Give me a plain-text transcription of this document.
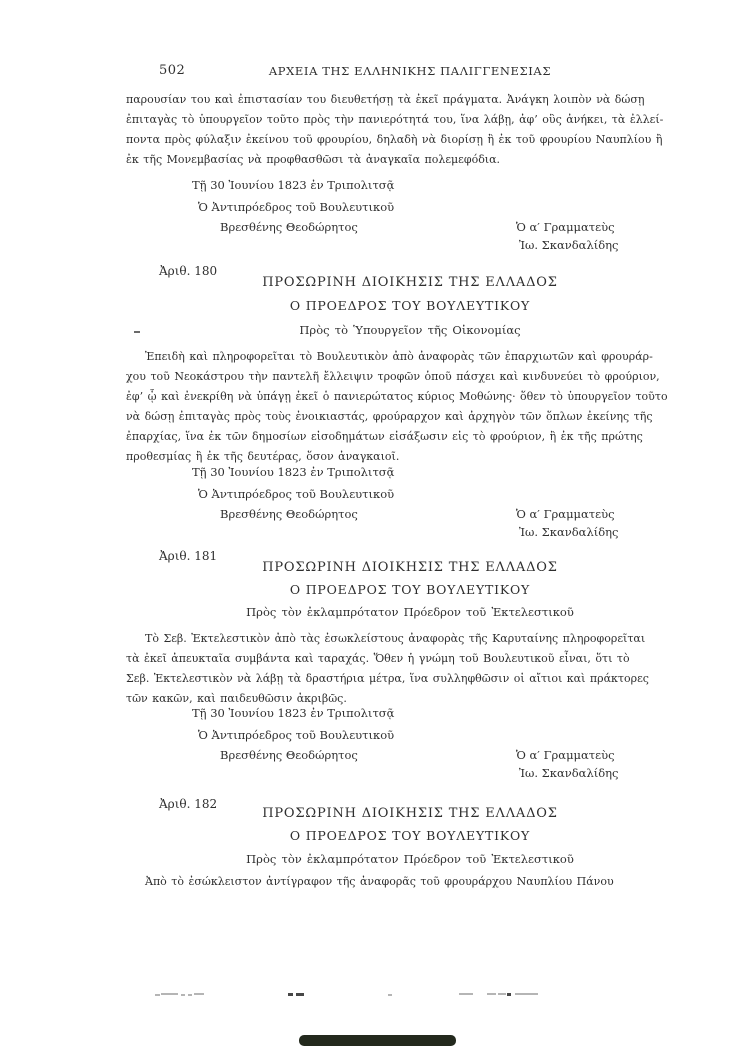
502	ΑΡΧΕΙΑ ΤΗΣ ΕΛΛΗΝΙΚΗΣ ΠΑΛΙΓΓΕΝΕΣΙΑΣ
παρουσίαν του καὶ ἐπιστασίαν του διευθετήσῃ τὰ ἐκεῖ πράγματα. Ἀνάγκη λοιπὸν νὰ δώσῃ
ἐπιταγὰς τὸ ὑπουργεῖον τοῦτο πρὸς τὴν πανιερότητά του, ἵνα λάβῃ, ἀφ’ οὓς ἀνήκει, τὰ ἐλλεί-
ποντα πρὸς φύλαξιν ἐκείνου τοῦ φρουρίου, δηλαδὴ νὰ διορίσῃ ἢ ἐκ τοῦ φρουρίου Ναυπλίου ἢ
ἐκ τῆς Μονεμβασίας νὰ προφθασθῶσι τὰ ἀναγκαῖα πολεμεφόδια.
Τῇ 30 Ἰουνίου 1823 ἐν Τριπολιτσᾷ
Ὁ Ἀντιπρόεδρος τοῦ Βουλευτικοῦ
Βρεσθένης Θεοδώρητος	Ὁ α′ Γραμματεὺς
Ἰω. Σκανδαλίδης
Ἀριθ. 180
ΠΡΟΣΩΡΙΝΗ ΔΙΟΙΚΗΣΙΣ ΤΗΣ ΕΛΛΑΔΟΣ
Ο ΠΡΟΕΔΡΟΣ ΤΟΥ ΒΟΥΛΕΥΤΙΚΟΥ
Πρὸς τὸ Ὑπουργεῖον τῆς Οἰκονομίας
Ἐπειδὴ καὶ πληροφορεῖται τὸ Βουλευτικὸν ἀπὸ ἀναφορὰς τῶν ἐπαρχιωτῶν καὶ φρουράρ-
χου τοῦ Νεοκάστρου τὴν παντελῆ ἔλλειψιν τροφῶν ὁποῦ πάσχει καὶ κινδυνεύει τὸ φρούριον,
ἐφ’ ᾧ καὶ ἐνεκρίθη νὰ ὑπάγῃ ἐκεῖ ὁ πανιερώτατος κύριος Μοθώνης· ὅθεν τὸ ὑπουργεῖον τοῦτο
νὰ δώσῃ ἐπιταγὰς πρὸς τοὺς ἐνοικιαστάς, φρούραρχον καὶ ἀρχηγὸν τῶν ὅπλων ἐκείνης τῆς
ἐπαρχίας, ἵνα ἐκ τῶν δημοσίων εἰσοδημάτων εἰσάξωσιν εἰς τὸ φρούριον, ἢ ἐκ τῆς πρώτης
προθεσμίας ἢ ἐκ τῆς δευτέρας, ὅσον ἀναγκαιοῖ.
Τῇ 30 Ἰουνίου 1823 ἐν Τριπολιτσᾷ
Ὁ Ἀντιπρόεδρος τοῦ Βουλευτικοῦ
Βρεσθένης Θεοδώρητος	Ὁ α′ Γραμματεὺς
Ἰω. Σκανδαλίδης
Ἀριθ. 181
ΠΡΟΣΩΡΙΝΗ ΔΙΟΙΚΗΣΙΣ ΤΗΣ ΕΛΛΑΔΟΣ
Ο ΠΡΟΕΔΡΟΣ ΤΟΥ ΒΟΥΛΕΥΤΙΚΟΥ
Πρὸς τὸν ἐκλαμπρότατον Πρόεδρον τοῦ Ἐκτελεστικοῦ
Τὸ Σεβ. Ἐκτελεστικὸν ἀπὸ τὰς ἐσωκλείστους ἀναφορὰς τῆς Καρυταίνης πληροφορεῖται
τὰ ἐκεῖ ἀπευκταῖα συμβάντα καὶ ταραχάς. Ὅθεν ἡ γνώμη τοῦ Βουλευτικοῦ εἶναι, ὅτι τὸ
Σεβ. Ἐκτελεστικὸν νὰ λάβῃ τὰ δραστήρια μέτρα, ἵνα συλληφθῶσιν οἱ αἴτιοι καὶ πράκτορες
τῶν κακῶν, καὶ παιδευθῶσιν ἀκριβῶς.
Τῇ 30 Ἰουνίου 1823 ἐν Τριπολιτσᾷ
Ὁ Ἀντιπρόεδρος τοῦ Βουλευτικοῦ
Βρεσθένης Θεοδώρητος	Ὁ α′ Γραμματεὺς
Ἰω. Σκανδαλίδης
Ἀριθ. 182
ΠΡΟΣΩΡΙΝΗ ΔΙΟΙΚΗΣΙΣ ΤΗΣ ΕΛΛΑΔΟΣ
Ο ΠΡΟΕΔΡΟΣ ΤΟΥ ΒΟΥΛΕΥΤΙΚΟΥ
Πρὸς τὸν ἐκλαμπρότατον Πρόεδρον τοῦ Ἐκτελεστικοῦ
Ἀπὸ τὸ ἐσώκλειστον ἀντίγραφον τῆς ἀναφορᾶς τοῦ φρουράρχου Ναυπλίου Πάνου
